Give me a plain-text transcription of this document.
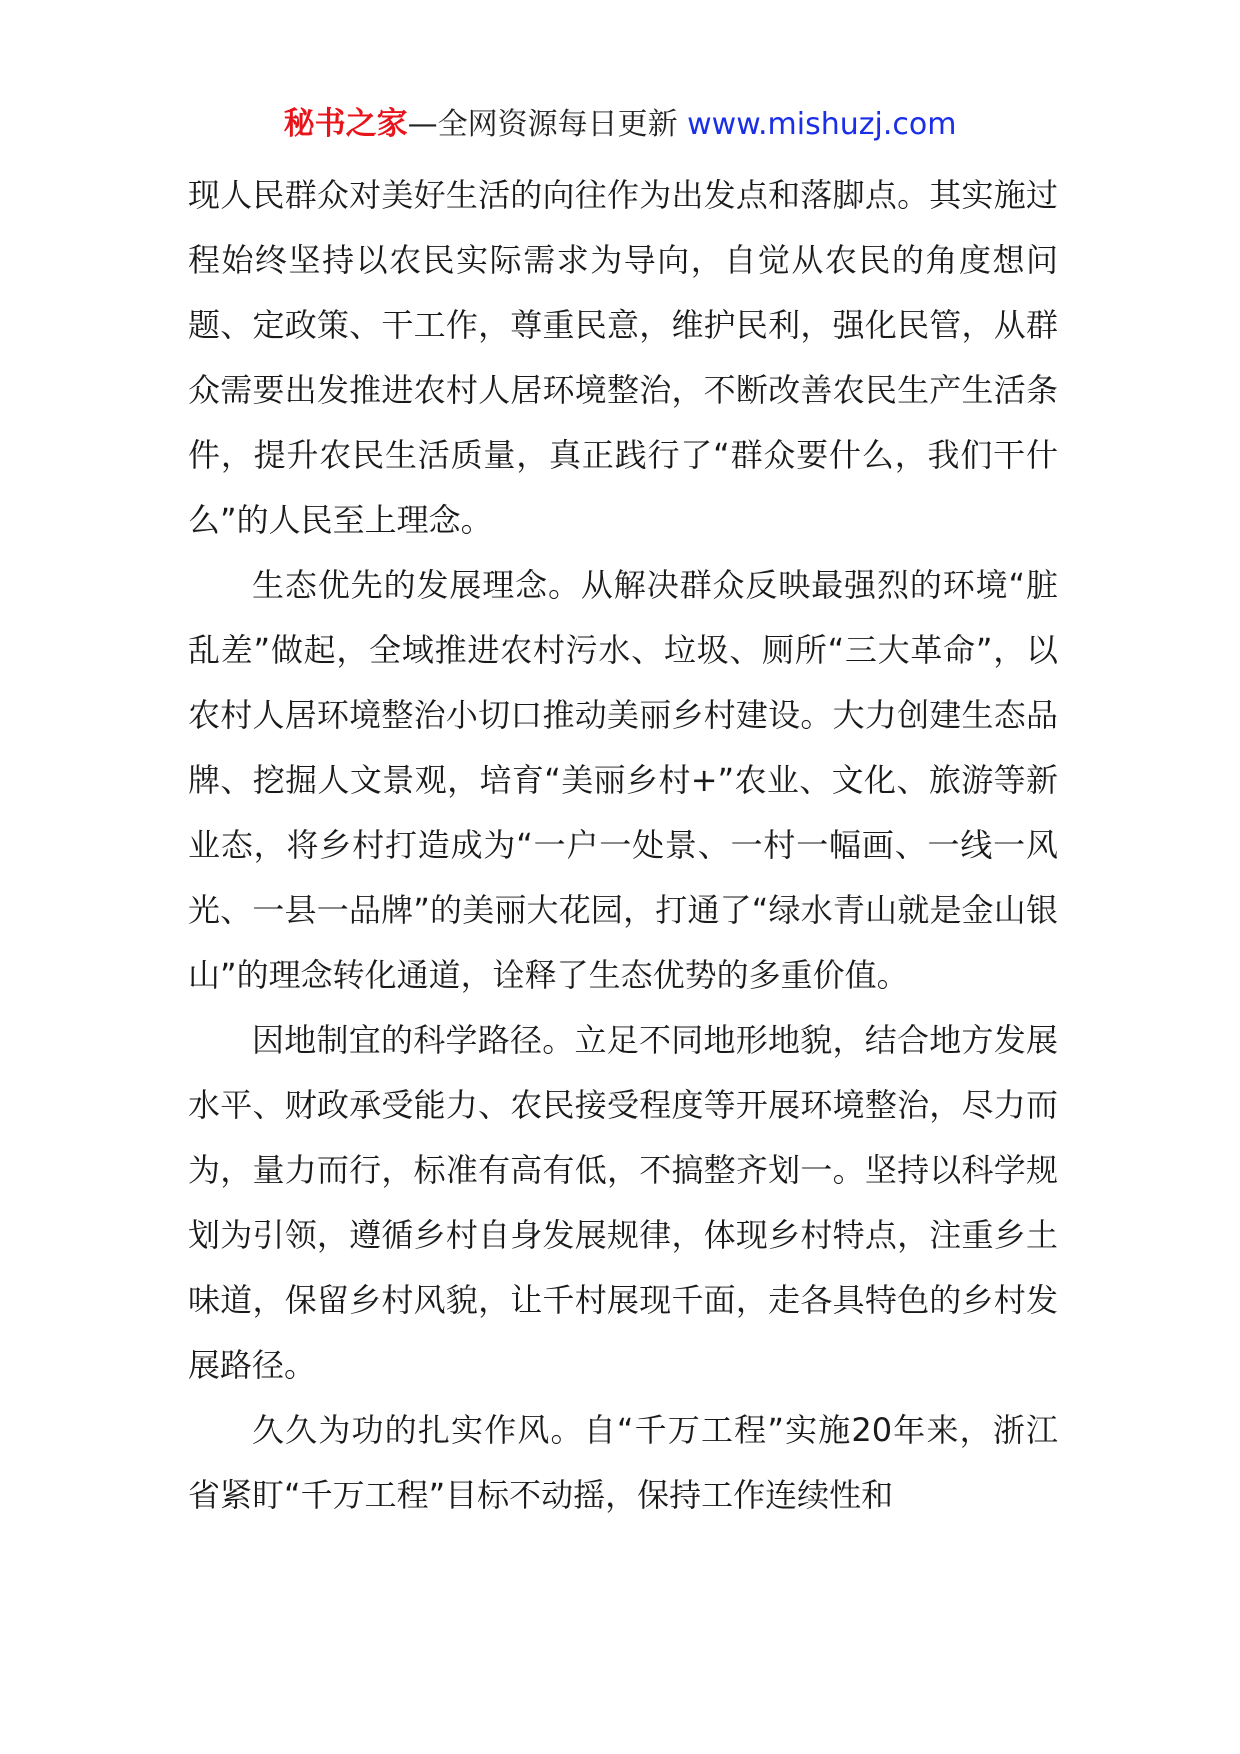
秘书之家—全网资源每日更新 www.mishuzj.com

现人民群众对美好生活的向往作为出发点和落脚点。其实施过程始终坚持以农民实际需求为导向，自觉从农民的角度想问题、定政策、干工作，尊重民意，维护民利，强化民管，从群众需要出发推进农村人居环境整治，不断改善农民生产生活条件，提升农民生活质量，真正践行了“群众要什么，我们干什么”的人民至上理念。

生态优先的发展理念。从解决群众反映最强烈的环境“脏乱差”做起，全域推进农村污水、垃圾、厕所“三大革命”，以农村人居环境整治小切口推动美丽乡村建设。大力创建生态品牌、挖掘人文景观，培育“美丽乡村+”农业、文化、旅游等新业态，将乡村打造成为“一户一处景、一村一幅画、一线一风光、一县一品牌”的美丽大花园，打通了“绿水青山就是金山银山”的理念转化通道，诠释了生态优势的多重价值。

因地制宜的科学路径。立足不同地形地貌，结合地方发展水平、财政承受能力、农民接受程度等开展环境整治，尽力而为，量力而行，标准有高有低，不搞整齐划一。坚持以科学规划为引领，遵循乡村自身发展规律，体现乡村特点，注重乡土味道，保留乡村风貌，让千村展现千面，走各具特色的乡村发展路径。

久久为功的扎实作风。自“千万工程”实施20年来，浙江省紧盯“千万工程”目标不动摇，保持工作连续性和
